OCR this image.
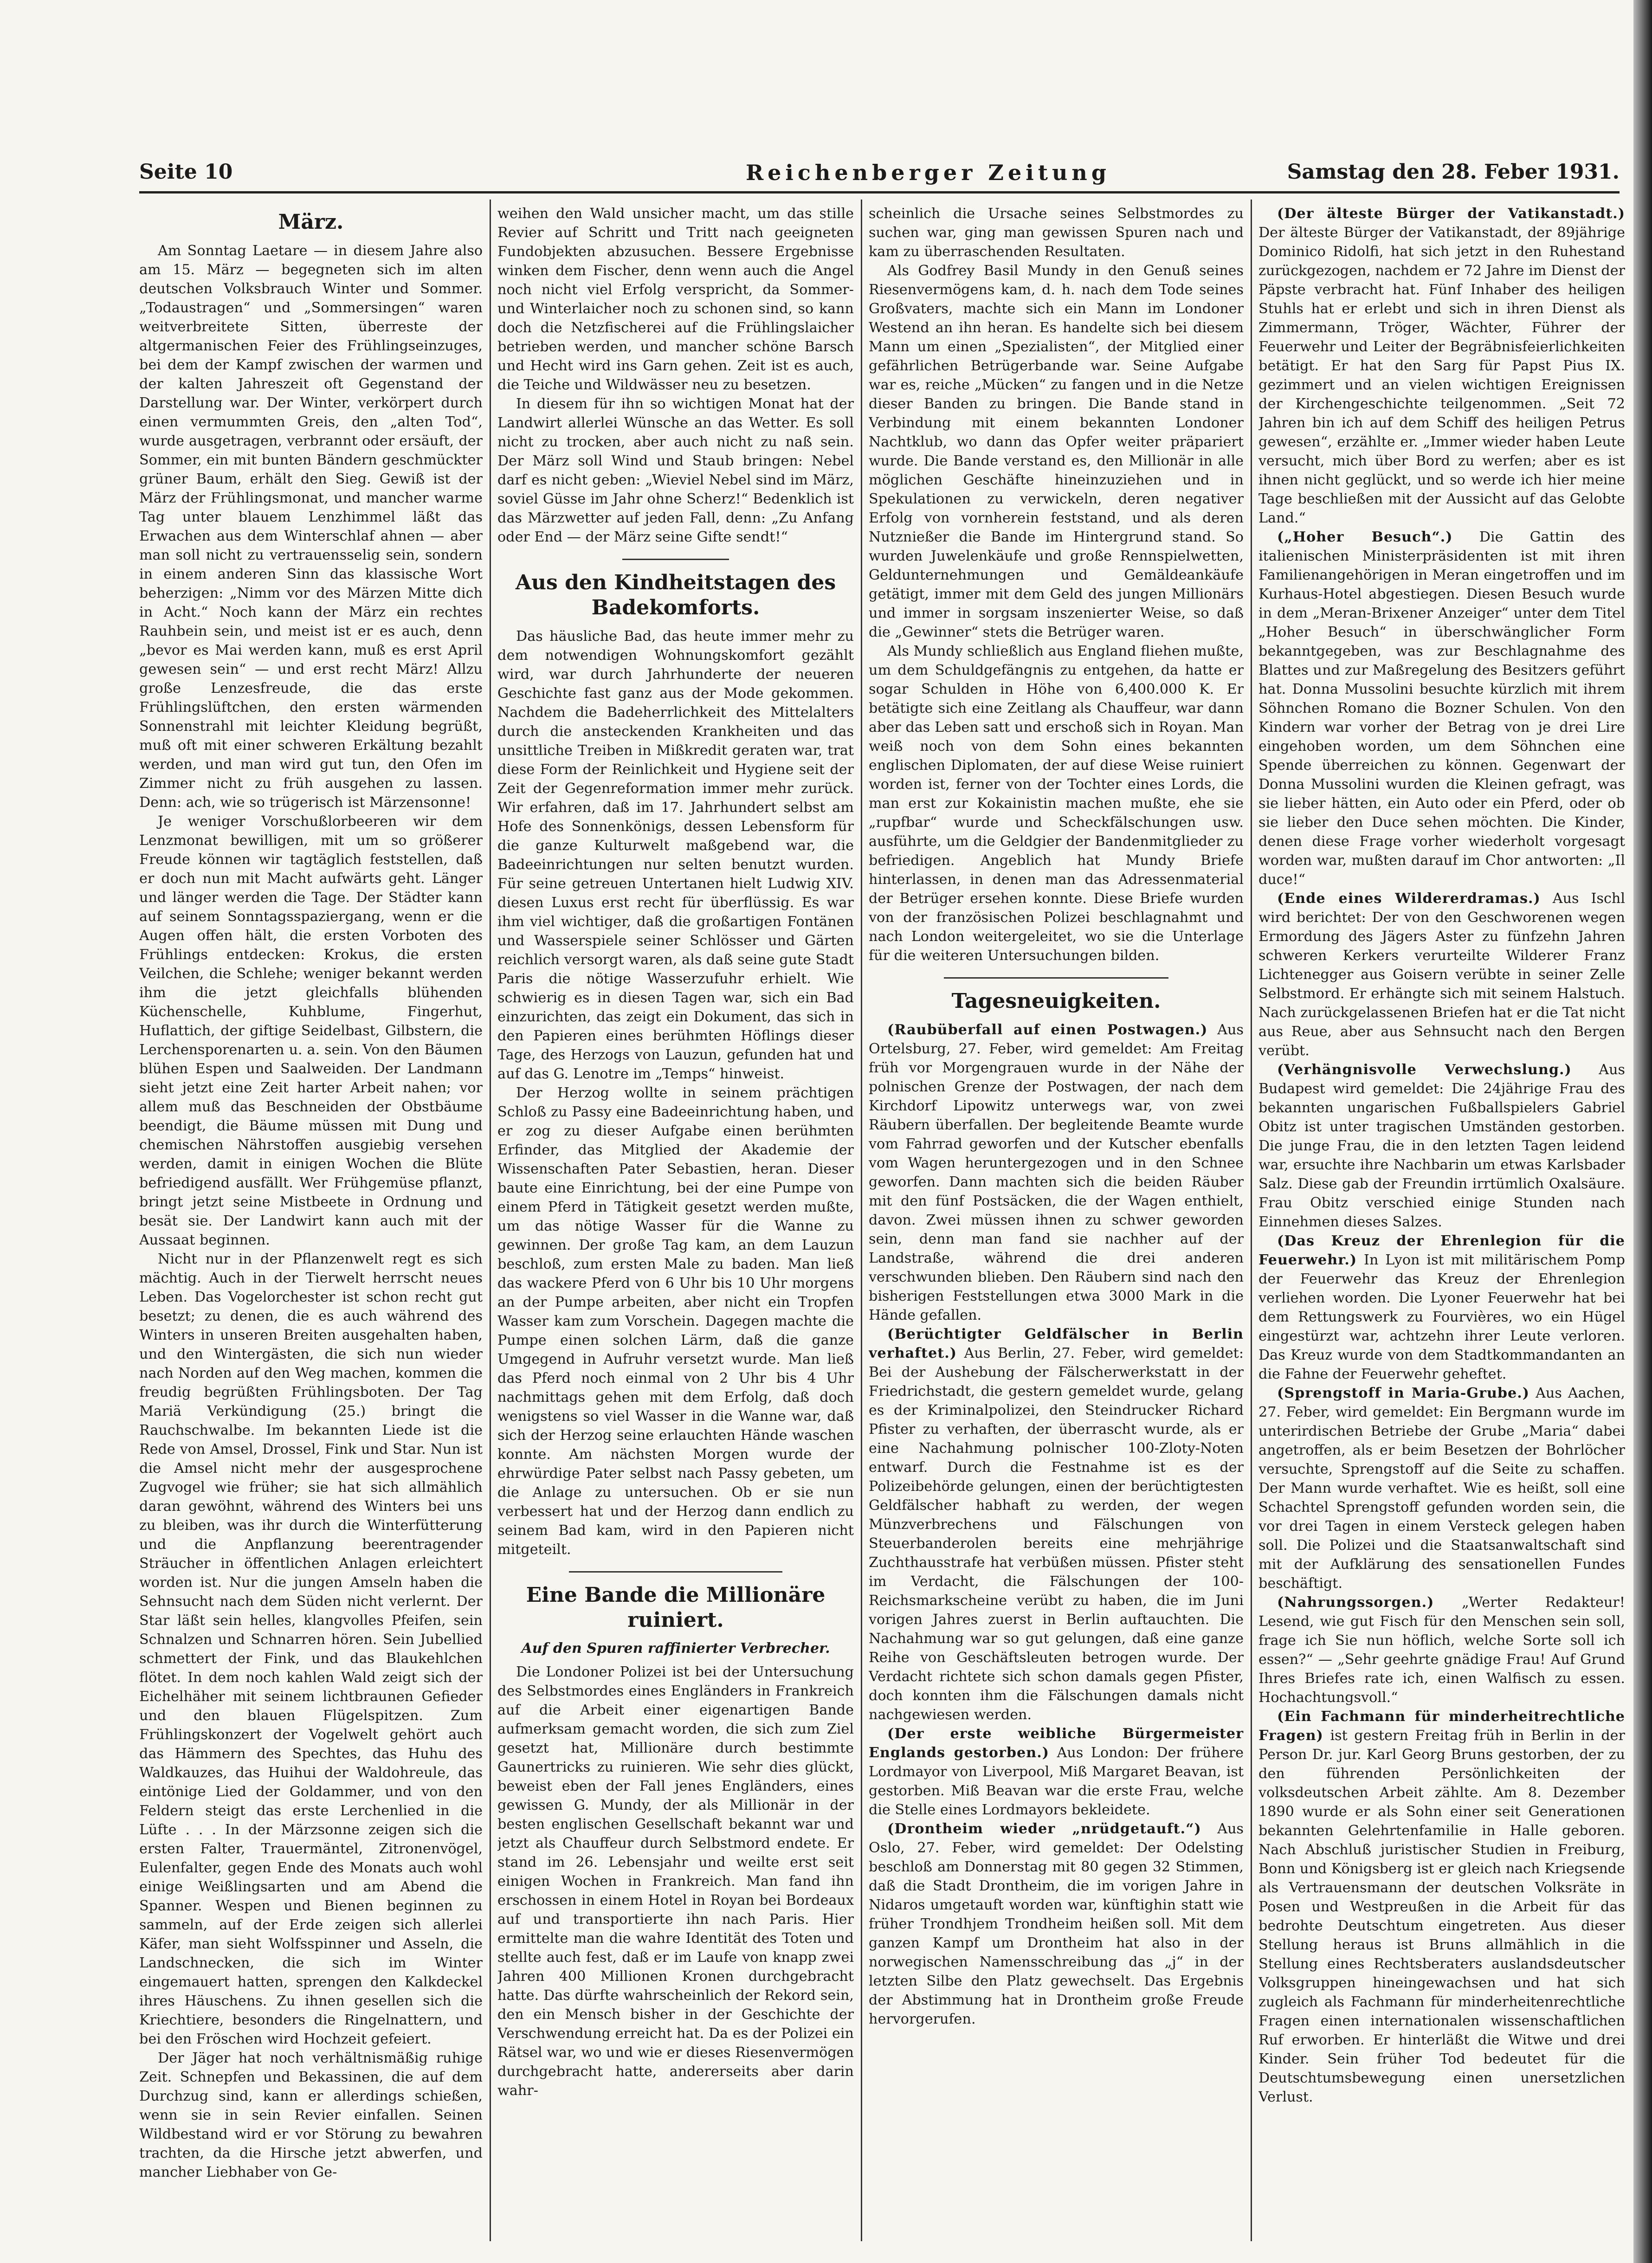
Seite 10	Reichenberger Zeitung	Samstag den 28. Feber 1931.
März.

Am Sonntag Laetare — in diesem Jahre also am 15. März — begegneten sich im alten deutschen Volksbrauch Winter und Sommer. „Todaustragen“ und „Sommersingen“ waren weitverbreitete Sitten, überreste der altgermanischen Feier des Frühlingseinzuges, bei dem der Kampf zwischen der warmen und der kalten Jahreszeit oft Gegenstand der Darstellung war. Der Winter, verkörpert durch einen vermummten Greis, den „alten Tod“, wurde ausgetragen, verbrannt oder ersäuft, der Sommer, ein mit bunten Bändern geschmückter grüner Baum, erhält den Sieg. Gewiß ist der März der Frühlingsmonat, und mancher warme Tag unter blauem Lenzhimmel läßt das Erwachen aus dem Winterschlaf ahnen — aber man soll nicht zu vertrauensselig sein, sondern in einem anderen Sinn das klassische Wort beherzigen: „Nimm vor des Märzen Mitte dich in Acht.“ Noch kann der März ein rechtes Rauhbein sein, und meist ist er es auch, denn „bevor es Mai werden kann, muß es erst April gewesen sein“ — und erst recht März! Allzu große Lenzesfreude, die das erste Frühlingslüftchen, den ersten wärmenden Sonnenstrahl mit leichter Kleidung begrüßt, muß oft mit einer schweren Erkältung bezahlt werden, und man wird gut tun, den Ofen im Zimmer nicht zu früh ausgehen zu lassen. Denn: ach, wie so trügerisch ist Märzensonne!

Je weniger Vorschußlorbeeren wir dem Lenzmonat bewilligen, mit um so größerer Freude können wir tagtäglich feststellen, daß er doch nun mit Macht aufwärts geht. Länger und länger werden die Tage. Der Städter kann auf seinem Sonntagsspaziergang, wenn er die Augen offen hält, die ersten Vorboten des Frühlings entdecken: Krokus, die ersten Veilchen, die Schlehe; weniger bekannt werden ihm die jetzt gleichfalls blühenden Küchenschelle, Kuhblume, Fingerhut, Huflattich, der giftige Seidelbast, Gilbstern, die Lerchensporenarten u. a. sein. Von den Bäumen blühen Espen und Saalweiden. Der Landmann sieht jetzt eine Zeit harter Arbeit nahen; vor allem muß das Beschneiden der Obstbäume beendigt, die Bäume müssen mit Dung und chemischen Nährstoffen ausgiebig versehen werden, damit in einigen Wochen die Blüte befriedigend ausfällt. Wer Frühgemüse pflanzt, bringt jetzt seine Mistbeete in Ordnung und besät sie. Der Landwirt kann auch mit der Aussaat beginnen.

Nicht nur in der Pflanzenwelt regt es sich mächtig. Auch in der Tierwelt herrscht neues Leben. Das Vogelorchester ist schon recht gut besetzt; zu denen, die es auch während des Winters in unseren Breiten ausgehalten haben, und den Wintergästen, die sich nun wieder nach Norden auf den Weg machen, kommen die freudig begrüßten Frühlingsboten. Der Tag Mariä Verkündigung (25.) bringt die Rauchschwalbe. Im bekannten Liede ist die Rede von Amsel, Drossel, Fink und Star. Nun ist die Amsel nicht mehr der ausgesprochene Zugvogel wie früher; sie hat sich allmählich daran gewöhnt, während des Winters bei uns zu bleiben, was ihr durch die Winterfütterung und die Anpflanzung beerentragender Sträucher in öffentlichen Anlagen erleichtert worden ist. Nur die jungen Amseln haben die Sehnsucht nach dem Süden nicht verlernt. Der Star läßt sein helles, klangvolles Pfeifen, sein Schnalzen und Schnarren hören. Sein Jubellied schmettert der Fink, und das Blaukehlchen flötet. In dem noch kahlen Wald zeigt sich der Eichelhäher mit seinem lichtbraunen Gefieder und den blauen Flügelspitzen. Zum Frühlingskonzert der Vogelwelt gehört auch das Hämmern des Spechtes, das Huhu des Waldkauzes, das Huihui der Waldohreule, das eintönige Lied der Goldammer, und von den Feldern steigt das erste Lerchenlied in die Lüfte . . . In der Märzsonne zeigen sich die ersten Falter, Trauermäntel, Zitronenvögel, Eulenfalter, gegen Ende des Monats auch wohl einige Weißlingsarten und am Abend die Spanner. Wespen und Bienen beginnen zu sammeln, auf der Erde zeigen sich allerlei Käfer, man sieht Wolfsspinner und Asseln, die Landschnecken, die sich im Winter eingemauert hatten, sprengen den Kalkdeckel ihres Häuschens. Zu ihnen gesellen sich die Kriechtiere, besonders die Ringelnattern, und bei den Fröschen wird Hochzeit gefeiert.

Der Jäger hat noch verhältnismäßig ruhige Zeit. Schnepfen und Bekassinen, die auf dem Durchzug sind, kann er allerdings schießen, wenn sie in sein Revier einfallen. Seinen Wildbestand wird er vor Störung zu bewahren trachten, da die Hirsche jetzt abwerfen, und mancher Liebhaber von Ge-

weihen den Wald unsicher macht, um das stille Revier auf Schritt und Tritt nach geeigneten Fundobjekten abzusuchen. Bessere Ergebnisse winken dem Fischer, denn wenn auch die Angel noch nicht viel Erfolg verspricht, da Sommer- und Winterlaicher noch zu schonen sind, so kann doch die Netzfischerei auf die Frühlingslaicher betrieben werden, und mancher schöne Barsch und Hecht wird ins Garn gehen. Zeit ist es auch, die Teiche und Wildwässer neu zu besetzen.

In diesem für ihn so wichtigen Monat hat der Landwirt allerlei Wünsche an das Wetter. Es soll nicht zu trocken, aber auch nicht zu naß sein. Der März soll Wind und Staub bringen: Nebel darf es nicht geben: „Wieviel Nebel sind im März, soviel Güsse im Jahr ohne Scherz!“ Bedenklich ist das Märzwetter auf jeden Fall, denn: „Zu Anfang oder End — der März seine Gifte sendt!“

Aus den Kindheitstagen des Badekomforts.

Das häusliche Bad, das heute immer mehr zu dem notwendigen Wohnungskomfort gezählt wird, war durch Jahrhunderte der neueren Geschichte fast ganz aus der Mode gekommen. Nachdem die Badeherrlichkeit des Mittelalters durch die ansteckenden Krankheiten und das unsittliche Treiben in Mißkredit geraten war, trat diese Form der Reinlichkeit und Hygiene seit der Zeit der Gegenreformation immer mehr zurück. Wir erfahren, daß im 17. Jahrhundert selbst am Hofe des Sonnenkönigs, dessen Lebensform für die ganze Kulturwelt maßgebend war, die Badeeinrichtungen nur selten benutzt wurden. Für seine getreuen Untertanen hielt Ludwig XIV. diesen Luxus erst recht für überflüssig. Es war ihm viel wichtiger, daß die großartigen Fontänen und Wasserspiele seiner Schlösser und Gärten reichlich versorgt waren, als daß seine gute Stadt Paris die nötige Wasserzufuhr erhielt. Wie schwierig es in diesen Tagen war, sich ein Bad einzurichten, das zeigt ein Dokument, das sich in den Papieren eines berühmten Höflings dieser Tage, des Herzogs von Lauzun, gefunden hat und auf das G. Lenotre im „Temps“ hinweist.

Der Herzog wollte in seinem prächtigen Schloß zu Passy eine Badeeinrichtung haben, und er zog zu dieser Aufgabe einen berühmten Erfinder, das Mitglied der Akademie der Wissenschaften Pater Sebastien, heran. Dieser baute eine Einrichtung, bei der eine Pumpe von einem Pferd in Tätigkeit gesetzt werden mußte, um das nötige Wasser für die Wanne zu gewinnen. Der große Tag kam, an dem Lauzun beschloß, zum ersten Male zu baden. Man ließ das wackere Pferd von 6 Uhr bis 10 Uhr morgens an der Pumpe arbeiten, aber nicht ein Tropfen Wasser kam zum Vorschein. Dagegen machte die Pumpe einen solchen Lärm, daß die ganze Umgegend in Aufruhr versetzt wurde. Man ließ das Pferd noch einmal von 2 Uhr bis 4 Uhr nachmittags gehen mit dem Erfolg, daß doch wenigstens so viel Wasser in die Wanne war, daß sich der Herzog seine erlauchten Hände waschen konnte. Am nächsten Morgen wurde der ehrwürdige Pater selbst nach Passy gebeten, um die Anlage zu untersuchen. Ob er sie nun verbessert hat und der Herzog dann endlich zu seinem Bad kam, wird in den Papieren nicht mitgeteilt.

Eine Bande die Millionäre ruiniert.
Auf den Spuren raffinierter Verbrecher.

Die Londoner Polizei ist bei der Untersuchung des Selbstmordes eines Engländers in Frankreich auf die Arbeit einer eigenartigen Bande aufmerksam gemacht worden, die sich zum Ziel gesetzt hat, Millionäre durch bestimmte Gaunertricks zu ruinieren. Wie sehr dies glückt, beweist eben der Fall jenes Engländers, eines gewissen G. Mundy, der als Millionär in der besten englischen Gesellschaft bekannt war und jetzt als Chauffeur durch Selbstmord endete. Er stand im 26. Lebensjahr und weilte erst seit einigen Wochen in Frankreich. Man fand ihn erschossen in einem Hotel in Royan bei Bordeaux auf und transportierte ihn nach Paris. Hier ermittelte man die wahre Identität des Toten und stellte auch fest, daß er im Laufe von knapp zwei Jahren 400 Millionen Kronen durchgebracht hatte. Das dürfte wahrscheinlich der Rekord sein, den ein Mensch bisher in der Geschichte der Verschwendung erreicht hat. Da es der Polizei ein Rätsel war, wo und wie er dieses Riesenvermögen durchgebracht hatte, andererseits aber darin wahr-

scheinlich die Ursache seines Selbstmordes zu suchen war, ging man gewissen Spuren nach und kam zu überraschenden Resultaten.

Als Godfrey Basil Mundy in den Genuß seines Riesenvermögens kam, d. h. nach dem Tode seines Großvaters, machte sich ein Mann im Londoner Westend an ihn heran. Es handelte sich bei diesem Mann um einen „Spezialisten“, der Mitglied einer gefährlichen Betrügerbande war. Seine Aufgabe war es, reiche „Mücken“ zu fangen und in die Netze dieser Banden zu bringen. Die Bande stand in Verbindung mit einem bekannten Londoner Nachtklub, wo dann das Opfer weiter präpariert wurde. Die Bande verstand es, den Millionär in alle möglichen Geschäfte hineinzuziehen und in Spekulationen zu verwickeln, deren negativer Erfolg von vornherein feststand, und als deren Nutznießer die Bande im Hintergrund stand. So wurden Juwelenkäufe und große Rennspielwetten, Geldunternehmungen und Gemäldeankäufe getätigt, immer mit dem Geld des jungen Millionärs und immer in sorgsam inszenierter Weise, so daß die „Gewinner“ stets die Betrüger waren.

Als Mundy schließlich aus England fliehen mußte, um dem Schuldgefängnis zu entgehen, da hatte er sogar Schulden in Höhe von 6,400.000 K. Er betätigte sich eine Zeitlang als Chauffeur, war dann aber das Leben satt und erschoß sich in Royan. Man weiß noch von dem Sohn eines bekannten englischen Diplomaten, der auf diese Weise ruiniert worden ist, ferner von der Tochter eines Lords, die man erst zur Kokainistin machen mußte, ehe sie „rupfbar“ wurde und Scheckfälschungen usw. ausführte, um die Geldgier der Bandenmitglieder zu befriedigen. Angeblich hat Mundy Briefe hinterlassen, in denen man das Adressenmaterial der Betrüger ersehen konnte. Diese Briefe wurden von der französischen Polizei beschlagnahmt und nach London weitergeleitet, wo sie die Unterlage für die weiteren Untersuchungen bilden.

Tagesneuigkeiten.

(Raubüberfall auf einen Postwagen.) Aus Ortelsburg, 27. Feber, wird gemeldet: Am Freitag früh vor Morgengrauen wurde in der Nähe der polnischen Grenze der Postwagen, der nach dem Kirchdorf Lipowitz unterwegs war, von zwei Räubern überfallen. Der begleitende Beamte wurde vom Fahrrad geworfen und der Kutscher ebenfalls vom Wagen heruntergezogen und in den Schnee geworfen. Dann machten sich die beiden Räuber mit den fünf Postsäcken, die der Wagen enthielt, davon. Zwei müssen ihnen zu schwer geworden sein, denn man fand sie nachher auf der Landstraße, während die drei anderen verschwunden blieben. Den Räubern sind nach den bisherigen Feststellungen etwa 3000 Mark in die Hände gefallen.

(Berüchtigter Geldfälscher in Berlin verhaftet.) Aus Berlin, 27. Feber, wird gemeldet: Bei der Aushebung der Fälscherwerkstatt in der Friedrichstadt, die gestern gemeldet wurde, gelang es der Kriminalpolizei, den Steindrucker Richard Pfister zu verhaften, der überrascht wurde, als er eine Nachahmung polnischer 100-Zloty-Noten entwarf. Durch die Festnahme ist es der Polizeibehörde gelungen, einen der berüchtigtesten Geldfälscher habhaft zu werden, der wegen Münzverbrechens und Fälschungen von Steuerbanderolen bereits eine mehrjährige Zuchthausstrafe hat verbüßen müssen. Pfister steht im Verdacht, die Fälschungen der 100-Reichsmarkscheine verübt zu haben, die im Juni vorigen Jahres zuerst in Berlin auftauchten. Die Nachahmung war so gut gelungen, daß eine ganze Reihe von Geschäftsleuten betrogen wurde. Der Verdacht richtete sich schon damals gegen Pfister, doch konnten ihm die Fälschungen damals nicht nachgewiesen werden.

(Der erste weibliche Bürgermeister Englands gestorben.) Aus London: Der frühere Lordmayor von Liverpool, Miß Margaret Beavan, ist gestorben. Miß Beavan war die erste Frau, welche die Stelle eines Lordmayors bekleidete.

(Drontheim wieder „nrüdgetauft.“) Aus Oslo, 27. Feber, wird gemeldet: Der Odelsting beschloß am Donnerstag mit 80 gegen 32 Stimmen, daß die Stadt Drontheim, die im vorigen Jahre in Nidaros umgetauft worden war, künftighin statt wie früher Trondhjem Trondheim heißen soll. Mit dem ganzen Kampf um Drontheim hat also in der norwegischen Namensschreibung das „j“ in der letzten Silbe den Platz gewechselt. Das Ergebnis der Abstimmung hat in Drontheim große Freude hervorgerufen.

(Der älteste Bürger der Vatikanstadt.) Der älteste Bürger der Vatikanstadt, der 89jährige Dominico Ridolfi, hat sich jetzt in den Ruhestand zurückgezogen, nachdem er 72 Jahre im Dienst der Päpste verbracht hat. Fünf Inhaber des heiligen Stuhls hat er erlebt und sich in ihren Dienst als Zimmermann, Tröger, Wächter, Führer der Feuerwehr und Leiter der Begräbnisfeierlichkeiten betätigt. Er hat den Sarg für Papst Pius IX. gezimmert und an vielen wichtigen Ereignissen der Kirchengeschichte teilgenommen. „Seit 72 Jahren bin ich auf dem Schiff des heiligen Petrus gewesen“, erzählte er. „Immer wieder haben Leute versucht, mich über Bord zu werfen; aber es ist ihnen nicht geglückt, und so werde ich hier meine Tage beschließen mit der Aussicht auf das Gelobte Land.“

(„Hoher Besuch“.) Die Gattin des italienischen Ministerpräsidenten ist mit ihren Familienangehörigen in Meran eingetroffen und im Kurhaus-Hotel abgestiegen. Diesen Besuch wurde in dem „Meran-Brixener Anzeiger“ unter dem Titel „Hoher Besuch“ in überschwänglicher Form bekanntgegeben, was zur Beschlagnahme des Blattes und zur Maßregelung des Besitzers geführt hat. Donna Mussolini besuchte kürzlich mit ihrem Söhnchen Romano die Bozner Schulen. Von den Kindern war vorher der Betrag von je drei Lire eingehoben worden, um dem Söhnchen eine Spende überreichen zu können. Gegenwart der Donna Mussolini wurden die Kleinen gefragt, was sie lieber hätten, ein Auto oder ein Pferd, oder ob sie lieber den Duce sehen möchten. Die Kinder, denen diese Frage vorher wiederholt vorgesagt worden war, mußten darauf im Chor antworten: „Il duce!“

(Ende eines Wildererdramas.) Aus Ischl wird berichtet: Der von den Geschworenen wegen Ermordung des Jägers Aster zu fünfzehn Jahren schweren Kerkers verurteilte Wilderer Franz Lichtenegger aus Goisern verübte in seiner Zelle Selbstmord. Er erhängte sich mit seinem Halstuch. Nach zurückgelassenen Briefen hat er die Tat nicht aus Reue, aber aus Sehnsucht nach den Bergen verübt.

(Verhängnisvolle Verwechslung.) Aus Budapest wird gemeldet: Die 24jährige Frau des bekannten ungarischen Fußballspielers Gabriel Obitz ist unter tragischen Umständen gestorben. Die junge Frau, die in den letzten Tagen leidend war, ersuchte ihre Nachbarin um etwas Karlsbader Salz. Diese gab der Freundin irrtümlich Oxalsäure. Frau Obitz verschied einige Stunden nach Einnehmen dieses Salzes.

(Das Kreuz der Ehrenlegion für die Feuerwehr.) In Lyon ist mit militärischem Pomp der Feuerwehr das Kreuz der Ehrenlegion verliehen worden. Die Lyoner Feuerwehr hat bei dem Rettungswerk zu Fourvières, wo ein Hügel eingestürzt war, achtzehn ihrer Leute verloren. Das Kreuz wurde von dem Stadtkommandanten an die Fahne der Feuerwehr geheftet.

(Sprengstoff in Maria-Grube.) Aus Aachen, 27. Feber, wird gemeldet: Ein Bergmann wurde im unterirdischen Betriebe der Grube „Maria“ dabei angetroffen, als er beim Besetzen der Bohrlöcher versuchte, Sprengstoff auf die Seite zu schaffen. Der Mann wurde verhaftet. Wie es heißt, soll eine Schachtel Sprengstoff gefunden worden sein, die vor drei Tagen in einem Versteck gelegen haben soll. Die Polizei und die Staatsanwaltschaft sind mit der Aufklärung des sensationellen Fundes beschäftigt.

(Nahrungssorgen.) „Werter Redakteur! Lesend, wie gut Fisch für den Menschen sein soll, frage ich Sie nun höflich, welche Sorte soll ich essen?“ — „Sehr geehrte gnädige Frau! Auf Grund Ihres Briefes rate ich, einen Walfisch zu essen. Hochachtungsvoll.“

(Ein Fachmann für minderheitrechtliche Fragen) ist gestern Freitag früh in Berlin in der Person Dr. jur. Karl Georg Bruns gestorben, der zu den führenden Persönlichkeiten der volksdeutschen Arbeit zählte. Am 8. Dezember 1890 wurde er als Sohn einer seit Generationen bekannten Gelehrtenfamilie in Halle geboren. Nach Abschluß juristischer Studien in Freiburg, Bonn und Königsberg ist er gleich nach Kriegsende als Vertrauensmann der deutschen Volksräte in Posen und Westpreußen in die Arbeit für das bedrohte Deutschtum eingetreten. Aus dieser Stellung heraus ist Bruns allmählich in die Stellung eines Rechtsberaters auslandsdeutscher Volksgruppen hineingewachsen und hat sich zugleich als Fachmann für minderheitenrechtliche Fragen einen internationalen wissenschaftlichen Ruf erworben. Er hinterläßt die Witwe und drei Kinder. Sein früher Tod bedeutet für die Deutschtumsbewegung einen unersetzlichen Verlust.
